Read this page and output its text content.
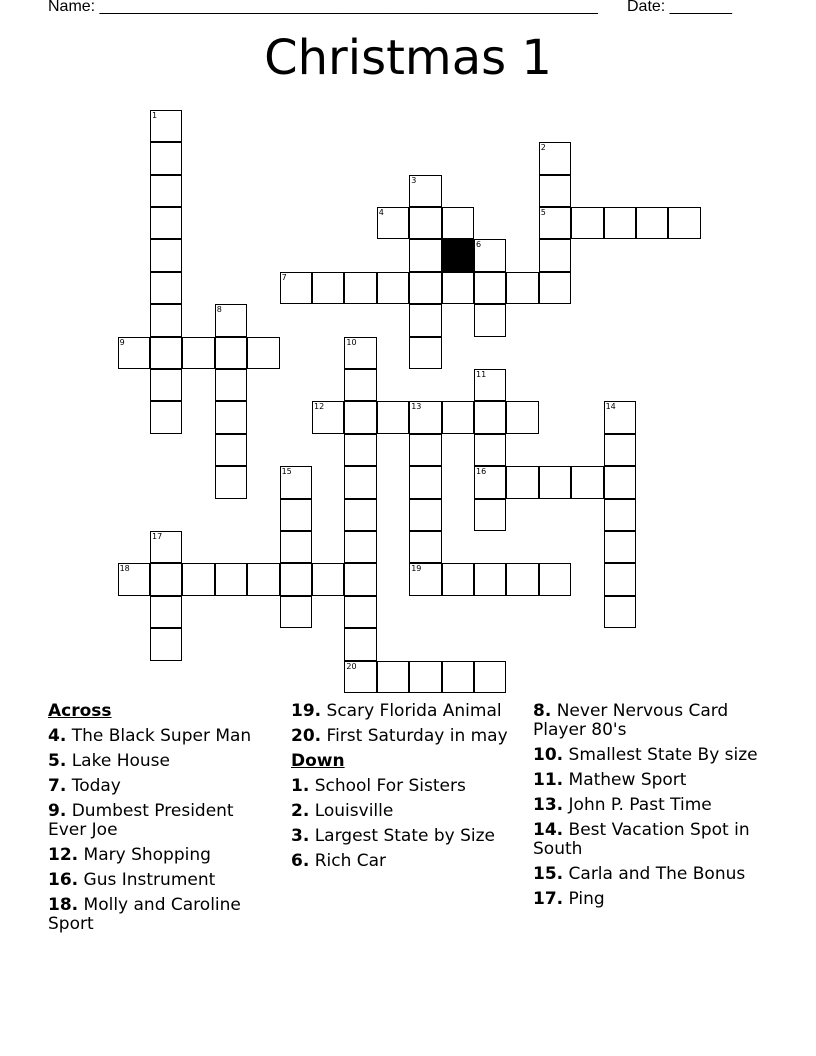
Name: ________________________________________________________ Date: _______
Christmas 1
1
2
5
3
4
6
7
8
9	10
20
11
16
12	13	14
19
15
17
18
Across
4. The Black Super Man
5. Lake House
7. Today
9. Dumbest President Ever Joe
12. Mary Shopping
16. Gus Instrument
18. Molly and Caroline Sport
19. Scary Florida Animal
20. First Saturday in may
Down
1. School For Sisters
2. Louisville
3. Largest State by Size
6. Rich Car
8. Never Nervous Card Player 80's
10. Smallest State By size
11. Mathew Sport
13. John P. Past Time
14. Best Vacation Spot in South
15. Carla and The Bonus
17. Ping
